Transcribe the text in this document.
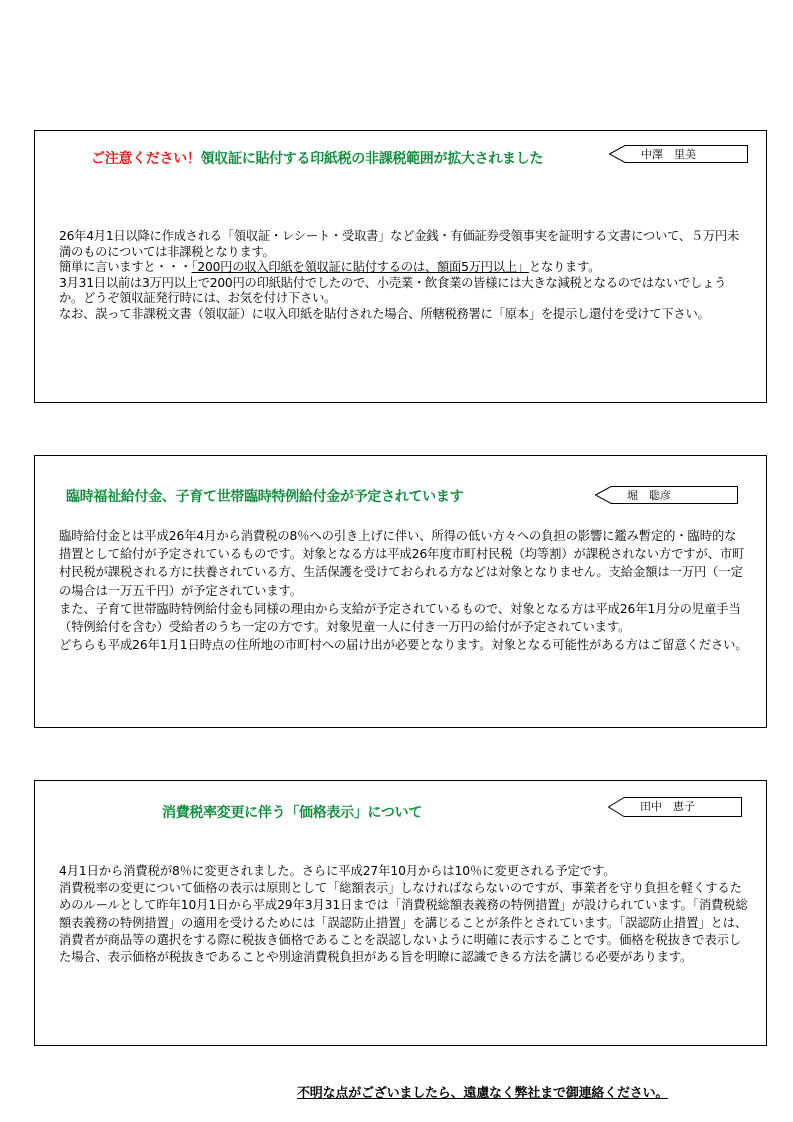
ご注意ください！領収証に貼付する印紙税の非課税範囲が拡大されました	中澤　里美

26年4月1日以降に作成される「領収証・レシート・受取書」など金銭・有価証券受領事実を証明する文書について、５万円未満のものについては非課税となります。

簡単に言いますと・・・「200円の収入印紙を領収証に貼付するのは、額面5万円以上」となります。

3月31日以前は3万円以上で200円の印紙貼付でしたので、小売業・飲食業の皆様には大きな減税となるのではないでしょうか。どうぞ領収証発行時には、お気を付け下さい。

なお、誤って非課税文書（領収証）に収入印紙を貼付された場合、所轄税務署に「原本」を提示し還付を受けて下さい。

臨時福祉給付金、子育て世帯臨時特例給付金が予定されています	堀　聡彦

臨時給付金とは平成26年4月から消費税の8％への引き上げに伴い、所得の低い方々への負担の影響に鑑み暫定的・臨時的な措置として給付が予定されているものです。対象となる方は平成26年度市町村民税（均等割）が課税されない方ですが、市町村民税が課税される方に扶養されている方、生活保護を受けておられる方などは対象となりません。支給金額は一万円（一定の場合は一万五千円）が予定されています。

また、子育て世帯臨時特例給付金も同様の理由から支給が予定されているもので、対象となる方は平成26年1月分の児童手当（特例給付を含む）受給者のうち一定の方です。対象児童一人に付き一万円の給付が予定されています。

どちらも平成26年1月1日時点の住所地の市町村への届け出が必要となります。対象となる可能性がある方はご留意ください。

消費税率変更に伴う「価格表示」について	田中　恵子

4月1日から消費税が8％に変更されました。さらに平成27年10月からは10％に変更される予定です。

消費税率の変更について価格の表示は原則として「総額表示」しなければならないのですが、事業者を守り負担を軽くするためのルールとして昨年10月1日から平成29年3月31日までは「消費税総額表義務の特例措置」が設けられています。「消費税総額表義務の特例措置」の適用を受けるためには「誤認防止措置」を講じることが条件とされています。「誤認防止措置」とは、消費者が商品等の選択をする際に税抜き価格であることを誤認しないように明確に表示することです。価格を税抜きで表示した場合、表示価格が税抜きであることや別途消費税負担がある旨を明瞭に認識できる方法を講じる必要があります。

不明な点がございましたら、遠慮なく弊社まで御連絡ください。
